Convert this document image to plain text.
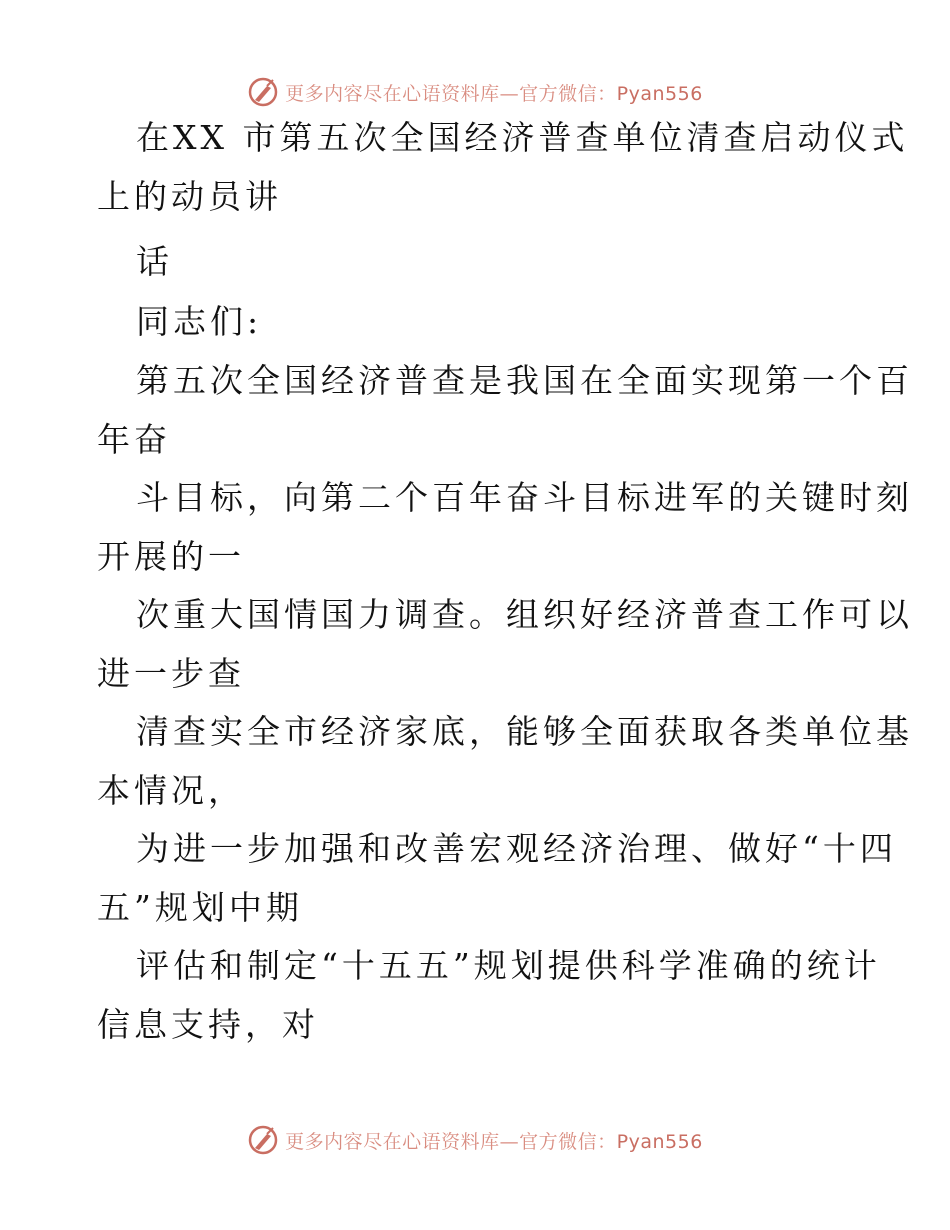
更多内容尽在心语资料库—官方微信：Pyan556
在XX 市第五次全国经济普查单位清查启动仪式
上的动员讲
话
同志们:
第五次全国经济普查是我国在全面实现第一个百
年奋
斗目标，向第二个百年奋斗目标进军的关键时刻
开展的一
次重大国情国力调查。组织好经济普查工作可以
进一步查
清查实全市经济家底，能够全面获取各类单位基
本情况，
为进一步加强和改善宏观经济治理、做好“十四
五”规划中期
评估和制定“十五五”规划提供科学准确的统计
信息支持，对
更多内容尽在心语资料库—官方微信：Pyan556
